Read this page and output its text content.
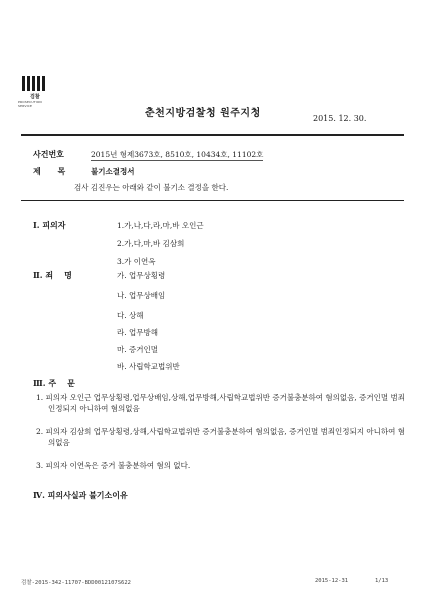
검찰
PROSECUTION SERVICE
춘천지방검찰청 원주지청	2015. 12. 30.
사건번호	2015년 형제3673호, 8510호, 10434호, 11102호
제      목	불기소결정서
검사 김진우는 아래와 같이 불기소 결정을 한다.
Ⅰ. 피의자	1.가,나,다,라,마,바 오인근
2.가,다,마,바 김삼희
3.가 이연옥
Ⅱ. 죄    명	가. 업무상횡령
나. 업무상배임
다. 상해
라. 업무방해
마. 증거인멸
바. 사립학교법위반
Ⅲ. 주    문
1. 피의자 오인근 업무상횡령,업무상배임,상해,업무방해,사립학교법위반 증거불충분하여 혐의없음, 증거인멸 범죄인정되지 아니하여 혐의없음
2. 피의자 김삼희 업무상횡령,상해,사립학교법위반 증거불충분하여 혐의없음, 증거인멸 범죄인정되지 아니하여 혐의없음
3. 피의자 이연옥은 증거 불충분하여 혐의 없다.
Ⅳ. 피의사실과 불기소이유
검찰-2015-342-11707-BDD0012107S622	2015-12-31	1/13
